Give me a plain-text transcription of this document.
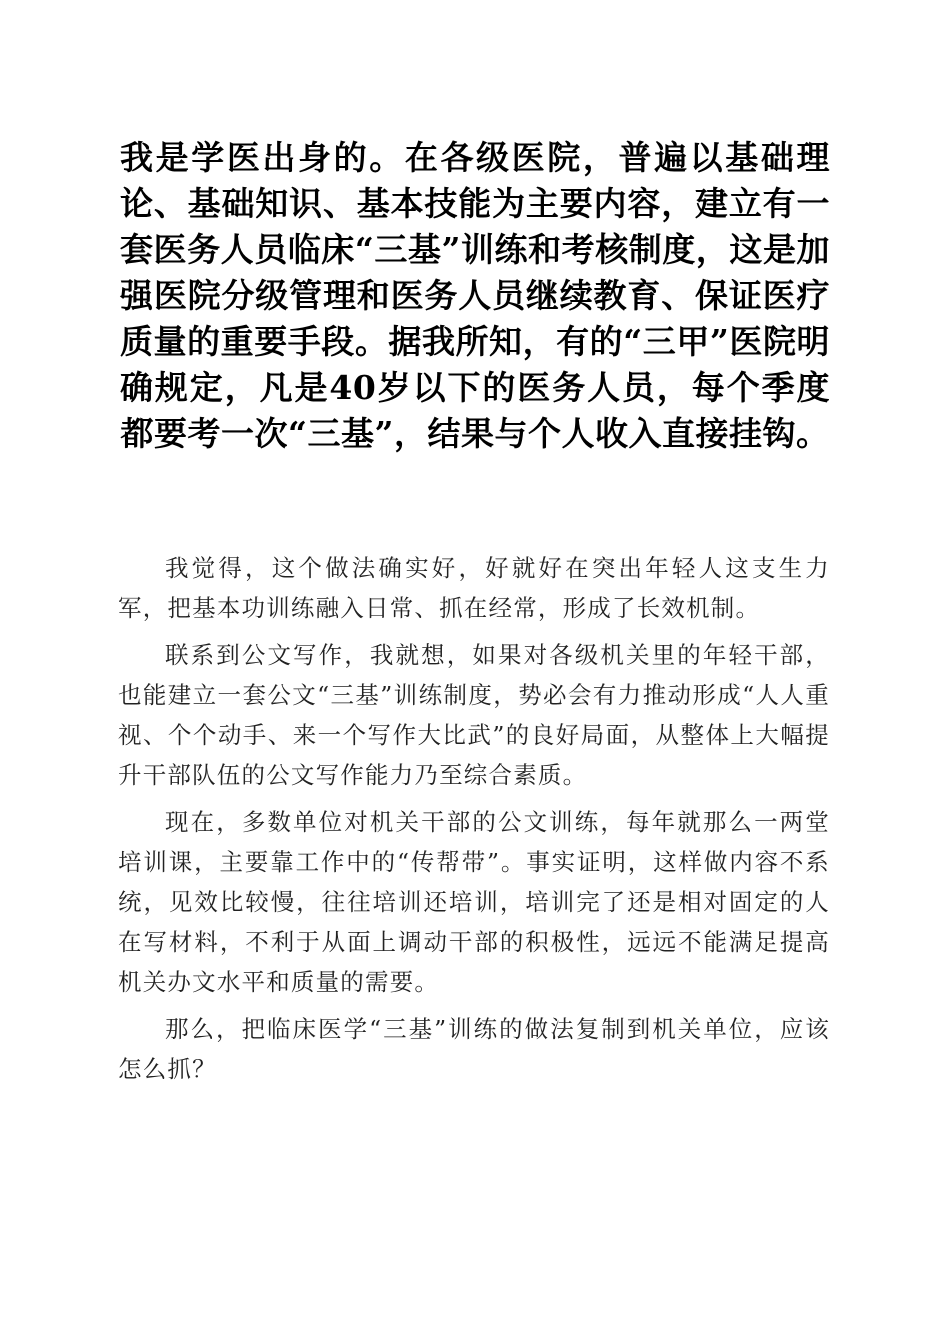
我是学医出身的。在各级医院，普遍以基础理论、基础知识、基本技能为主要内容，建立有一套医务人员临床“三基”训练和考核制度，这是加强医院分级管理和医务人员继续教育、保证医疗质量的重要手段。据我所知，有的“三甲”医院明确规定，凡是40岁以下的医务人员，每个季度都要考一次“三基”，结果与个人收入直接挂钩。

我觉得，这个做法确实好，好就好在突出年轻人这支生力军，把基本功训练融入日常、抓在经常，形成了长效机制。

联系到公文写作，我就想，如果对各级机关里的年轻干部，也能建立一套公文“三基”训练制度，势必会有力推动形成“人人重视、个个动手、来一个写作大比武”的良好局面，从整体上大幅提升干部队伍的公文写作能力乃至综合素质。

现在，多数单位对机关干部的公文训练，每年就那么一两堂培训课，主要靠工作中的“传帮带”。事实证明，这样做内容不系统，见效比较慢，往往培训还培训，培训完了还是相对固定的人在写材料，不利于从面上调动干部的积极性，远远不能满足提高机关办文水平和质量的需要。

那么，把临床医学“三基”训练的做法复制到机关单位，应该怎么抓？
